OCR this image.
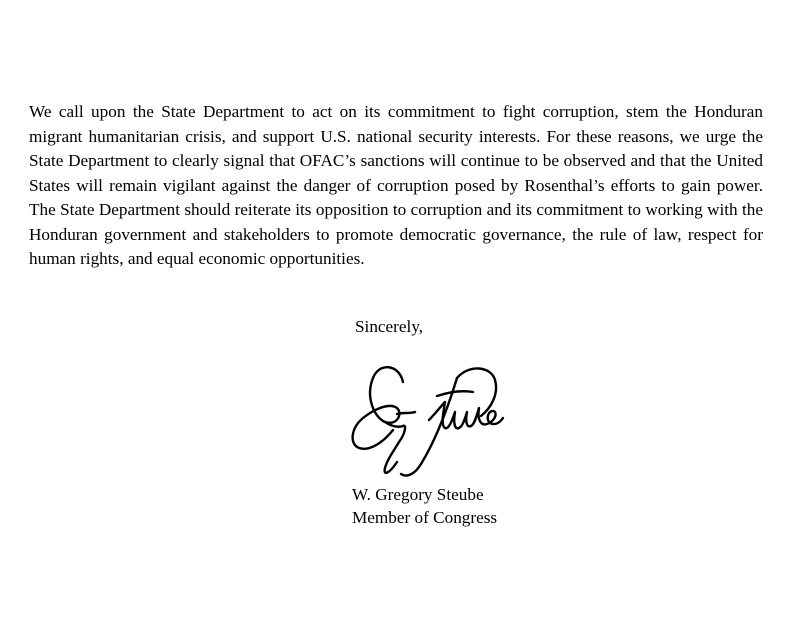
We call upon the State Department to act on its commitment to fight corruption, stem the Honduran migrant humanitarian crisis, and support U.S. national security interests. For these reasons, we urge the State Department to clearly signal that OFAC’s sanctions will continue to be observed and that the United States will remain vigilant against the danger of corruption posed by Rosenthal’s efforts to gain power. The State Department should reiterate its opposition to corruption and its commitment to working with the Honduran government and stakeholders to promote democratic governance, the rule of law, respect for human rights, and equal economic opportunities.

Sincerely,
W. Gregory Steube
Member of Congress
